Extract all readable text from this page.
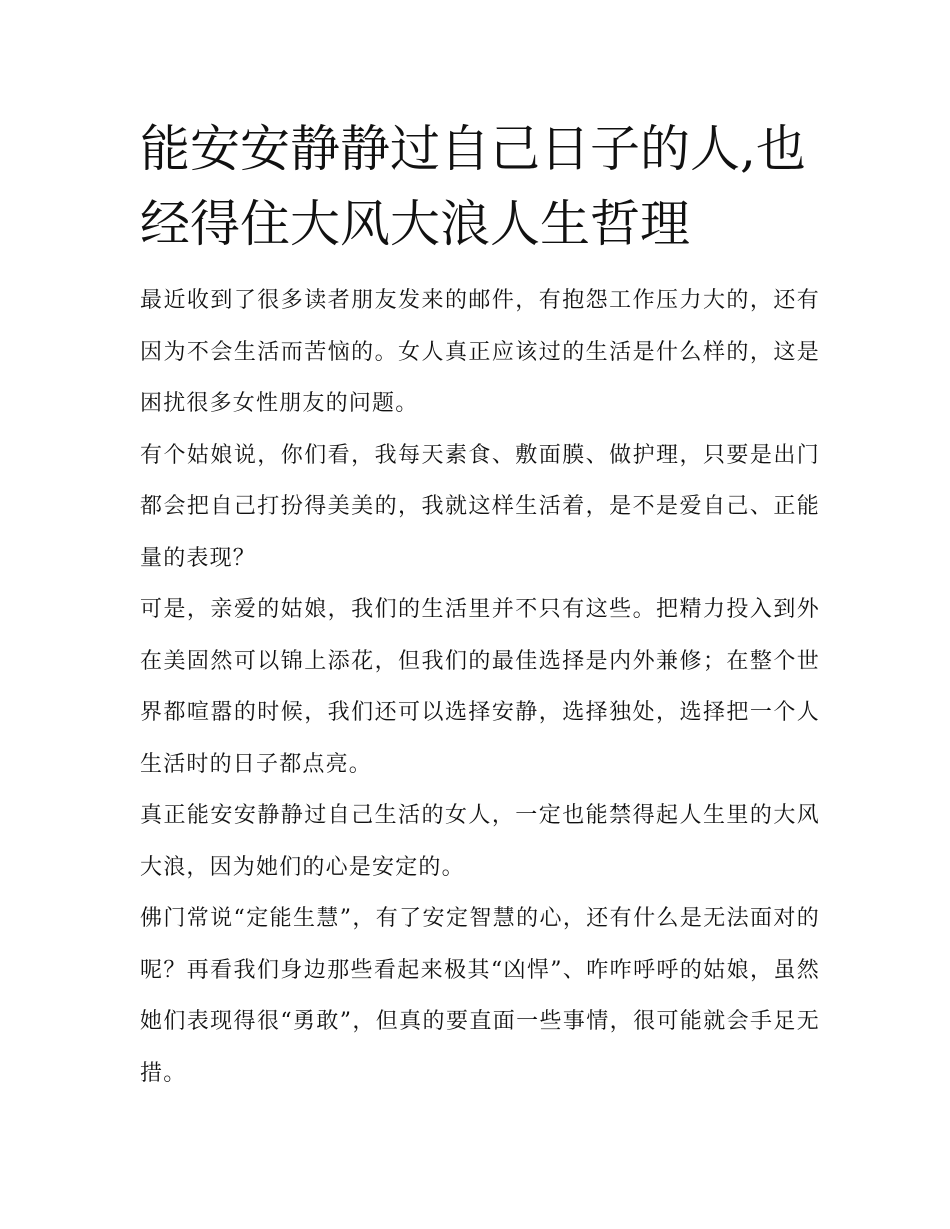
能安安静静过自己日子的人,也经得住大风大浪人生哲理

最近收到了很多读者朋友发来的邮件，有抱怨工作压力大的，还有因为不会生活而苦恼的。女人真正应该过的生活是什么样的，这是困扰很多女性朋友的问题。

有个姑娘说，你们看，我每天素食、敷面膜、做护理，只要是出门都会把自己打扮得美美的，我就这样生活着，是不是爱自己、正能量的表现？

可是，亲爱的姑娘，我们的生活里并不只有这些。把精力投入到外在美固然可以锦上添花，但我们的最佳选择是内外兼修；在整个世界都喧嚣的时候，我们还可以选择安静，选择独处，选择把一个人生活时的日子都点亮。

真正能安安静静过自己生活的女人，一定也能禁得起人生里的大风大浪，因为她们的心是安定的。

佛门常说“定能生慧”，有了安定智慧的心，还有什么是无法面对的呢？再看我们身边那些看起来极其“凶悍”、咋咋呼呼的姑娘，虽然她们表现得很“勇敢”，但真的要直面一些事情，很可能就会手足无措。
